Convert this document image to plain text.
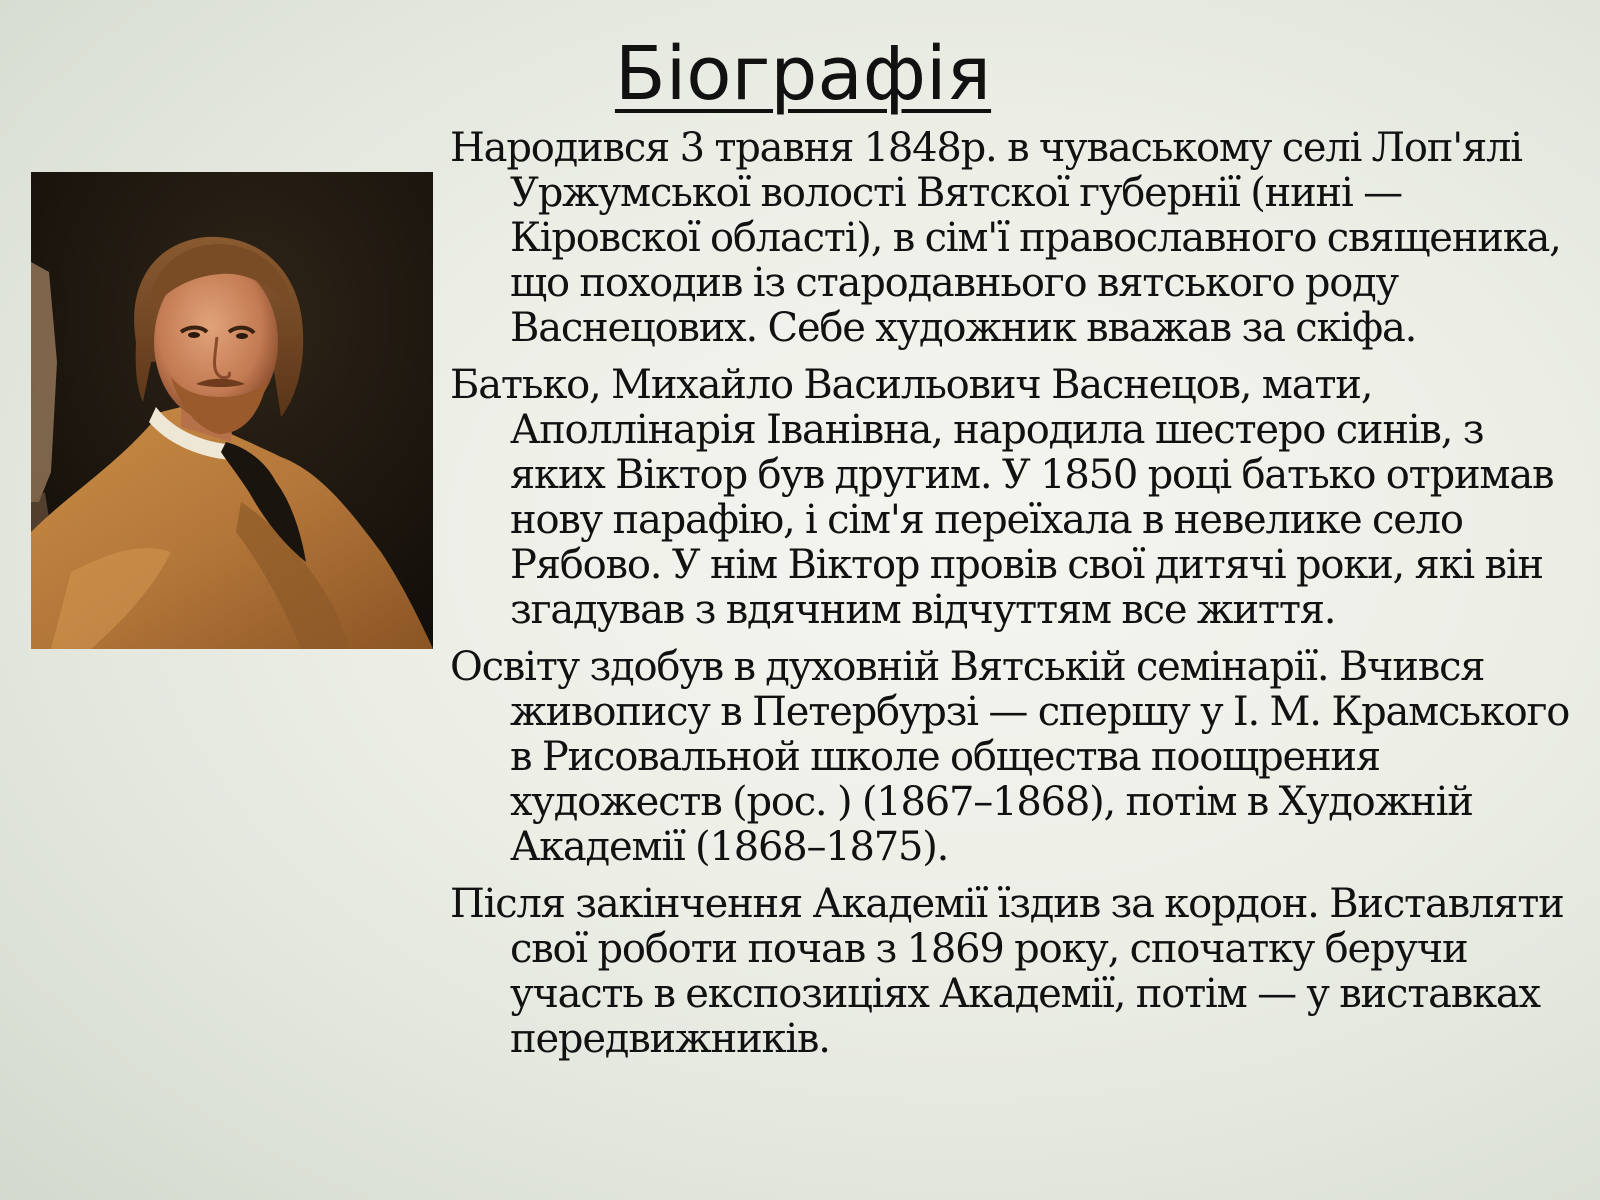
Біографія

Народився 3 травня 1848р. в чуваському селі Лоп'ялі Уржумської волості Вятскої губернії (нині — Кіровскої області), в сім'ї православного священика, що походив із стародавнього вятського роду Васнецових. Себе художник вважав за скіфа.

Батько, Михайло Васильович Васнецов, мати, Аполлінарія Іванівна, народила шестеро синів, з яких Віктор був другим. У 1850 році батько отримав нову парафію, і сім'я переїхала в невелике село Рябово. У нім Віктор провів свої дитячі роки, які він згадував з вдячним відчуттям все життя.

Освіту здобув в духовній Вятській семінарії. Вчився живопису в Петербурзі — спершу у І. М. Крамського в Рисовальной школе общества поощрения художеств (рос. ) (1867–1868), потім в Художній Академії (1868–1875).

Після закінчення Академії їздив за кордон. Виставляти свої роботи почав з 1869 року, спочатку беручи участь в експозиціях Академії, потім — у виставках передвижників.
